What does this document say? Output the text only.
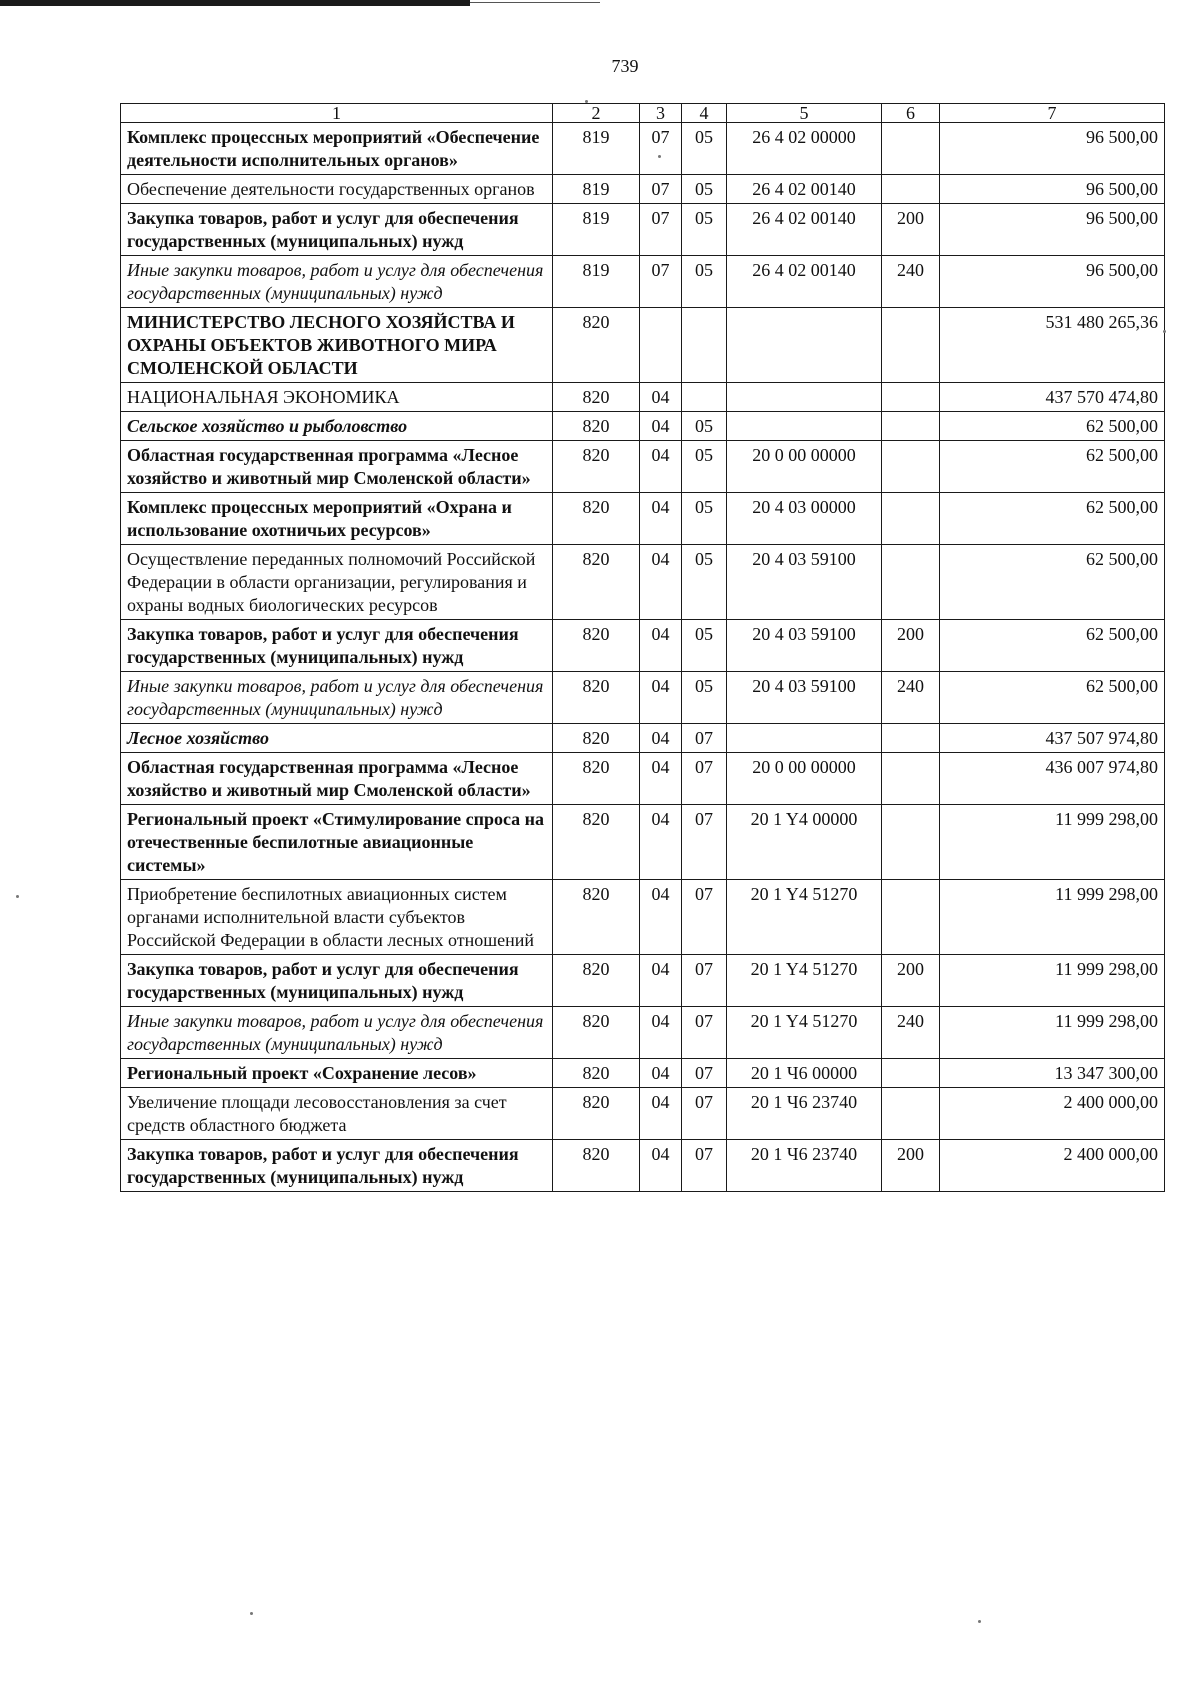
739
1	2	3	4	5	6	7
Комплекс процессных мероприятий «Обеспечение деятельности исполнительных органов»	819	07	05	26 4 02 00000		96 500,00
Обеспечение деятельности государственных органов	819	07	05	26 4 02 00140		96 500,00
Закупка товаров, работ и услуг для обеспечения государственных (муниципальных) нужд	819	07	05	26 4 02 00140	200	96 500,00
Иные закупки товаров, работ и услуг для обеспечения государственных (муниципальных) нужд	819	07	05	26 4 02 00140	240	96 500,00
МИНИСТЕРСТВО ЛЕСНОГО ХОЗЯЙСТВА И ОХРАНЫ ОБЪЕКТОВ ЖИВОТНОГО МИРА СМОЛЕНСКОЙ ОБЛАСТИ	820					531 480 265,36
НАЦИОНАЛЬНАЯ ЭКОНОМИКА	820	04				437 570 474,80
Сельское хозяйство и рыболовство	820	04	05			62 500,00
Областная государственная программа «Лесное хозяйство и животный мир Смоленской области»	820	04	05	20 0 00 00000		62 500,00
Комплекс процессных мероприятий «Охрана и использование охотничьих ресурсов»	820	04	05	20 4 03 00000		62 500,00
Осуществление переданных полномочий Российской Федерации в области организации, регулирования и охраны водных биологических ресурсов	820	04	05	20 4 03 59100		62 500,00
Закупка товаров, работ и услуг для обеспечения государственных (муниципальных) нужд	820	04	05	20 4 03 59100	200	62 500,00
Иные закупки товаров, работ и услуг для обеспечения государственных (муниципальных) нужд	820	04	05	20 4 03 59100	240	62 500,00
Лесное хозяйство	820	04	07			437 507 974,80
Областная государственная программа «Лесное хозяйство и животный мир Смоленской области»	820	04	07	20 0 00 00000		436 007 974,80
Региональный проект «Стимулирование спроса на отечественные беспилотные авиационные системы»	820	04	07	20 1 Y4 00000		11 999 298,00
Приобретение беспилотных авиационных систем органами исполнительной власти субъектов Российской Федерации в области лесных отношений	820	04	07	20 1 Y4 51270		11 999 298,00
Закупка товаров, работ и услуг для обеспечения государственных (муниципальных) нужд	820	04	07	20 1 Y4 51270	200	11 999 298,00
Иные закупки товаров, работ и услуг для обеспечения государственных (муниципальных) нужд	820	04	07	20 1 Y4 51270	240	11 999 298,00
Региональный проект «Сохранение лесов»	820	04	07	20 1 Ч6 00000		13 347 300,00
Увеличение площади лесовосстановления за счет средств областного бюджета	820	04	07	20 1 Ч6 23740		2 400 000,00
Закупка товаров, работ и услуг для обеспечения государственных (муниципальных) нужд	820	04	07	20 1 Ч6 23740	200	2 400 000,00
